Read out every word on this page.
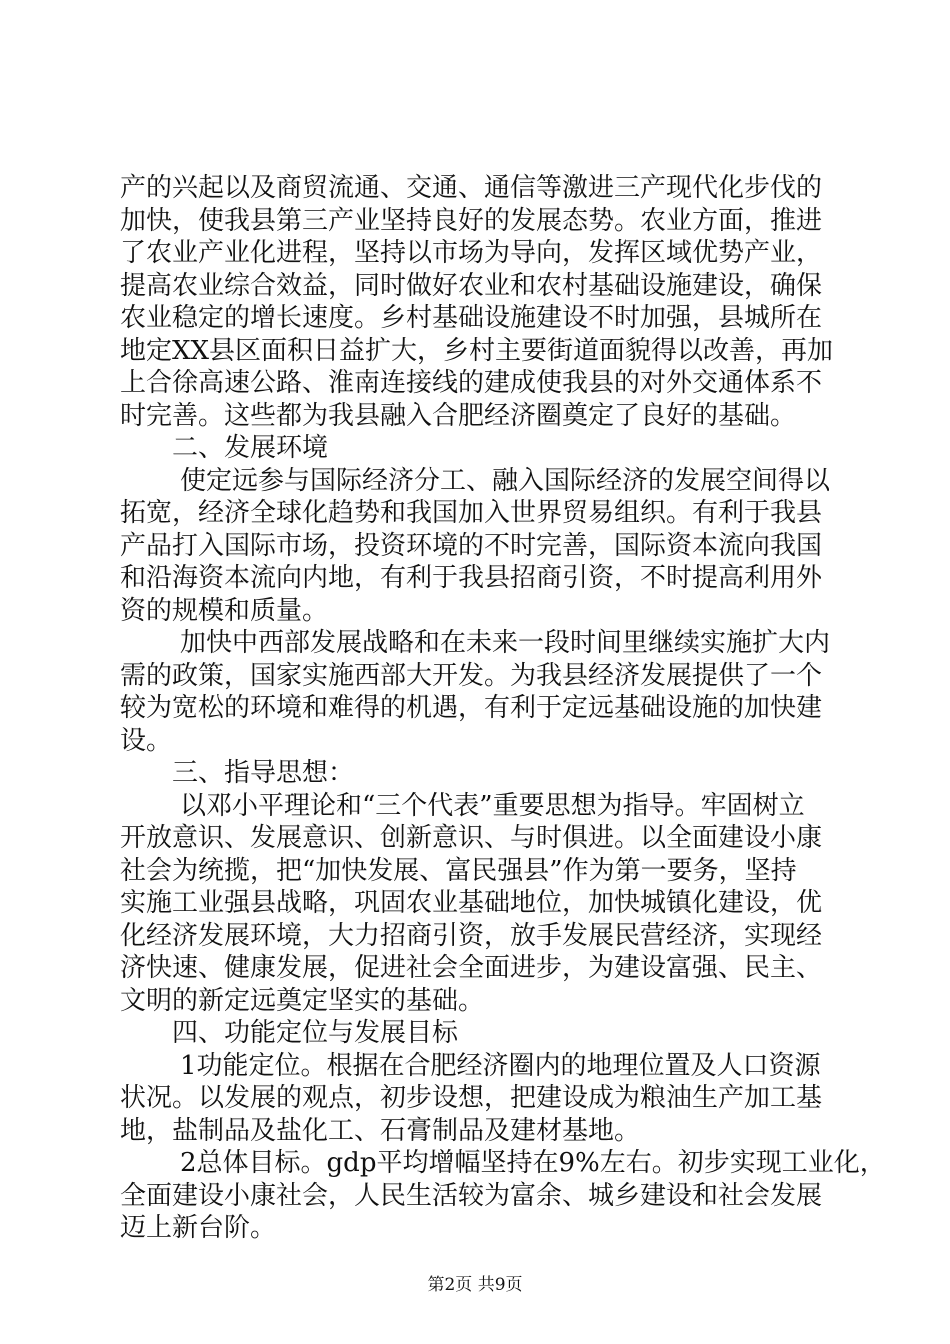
产的兴起以及商贸流通、交通、通信等激进三产现代化步伐的
加快，使我县第三产业坚持良好的发展态势。农业方面，推进
了农业产业化进程，坚持以市场为导向，发挥区域优势产业，
提高农业综合效益，同时做好农业和农村基础设施建设，确保
农业稳定的增长速度。乡村基础设施建设不时加强，县城所在
地定XX县区面积日益扩大，乡村主要街道面貌得以改善，再加
上合徐高速公路、淮南连接线的建成使我县的对外交通体系不
时完善。这些都为我县融入合肥经济圈奠定了良好的基础。
二、发展环境
使定远参与国际经济分工、融入国际经济的发展空间得以
拓宽，经济全球化趋势和我国加入世界贸易组织。有利于我县
产品打入国际市场，投资环境的不时完善，国际资本流向我国
和沿海资本流向内地，有利于我县招商引资，不时提高利用外
资的规模和质量。
加快中西部发展战略和在未来一段时间里继续实施扩大内
需的政策，国家实施西部大开发。为我县经济发展提供了一个
较为宽松的环境和难得的机遇，有利于定远基础设施的加快建
设。
三、指导思想：
以邓小平理论和“三个代表”重要思想为指导。牢固树立
开放意识、发展意识、创新意识、与时俱进。以全面建设小康
社会为统揽，把“加快发展、富民强县”作为第一要务，坚持
实施工业强县战略，巩固农业基础地位，加快城镇化建设，优
化经济发展环境，大力招商引资，放手发展民营经济，实现经
济快速、健康发展，促进社会全面进步，为建设富强、民主、
文明的新定远奠定坚实的基础。
四、功能定位与发展目标
1功能定位。根据在合肥经济圈内的地理位置及人口资源
状况。以发展的观点，初步设想，把建设成为粮油生产加工基
地，盐制品及盐化工、石膏制品及建材基地。
2总体目标。gdp平均增幅坚持在9%左右。初步实现工业化，
全面建设小康社会，人民生活较为富余、城乡建设和社会发展
迈上新台阶。
第2页 共9页
